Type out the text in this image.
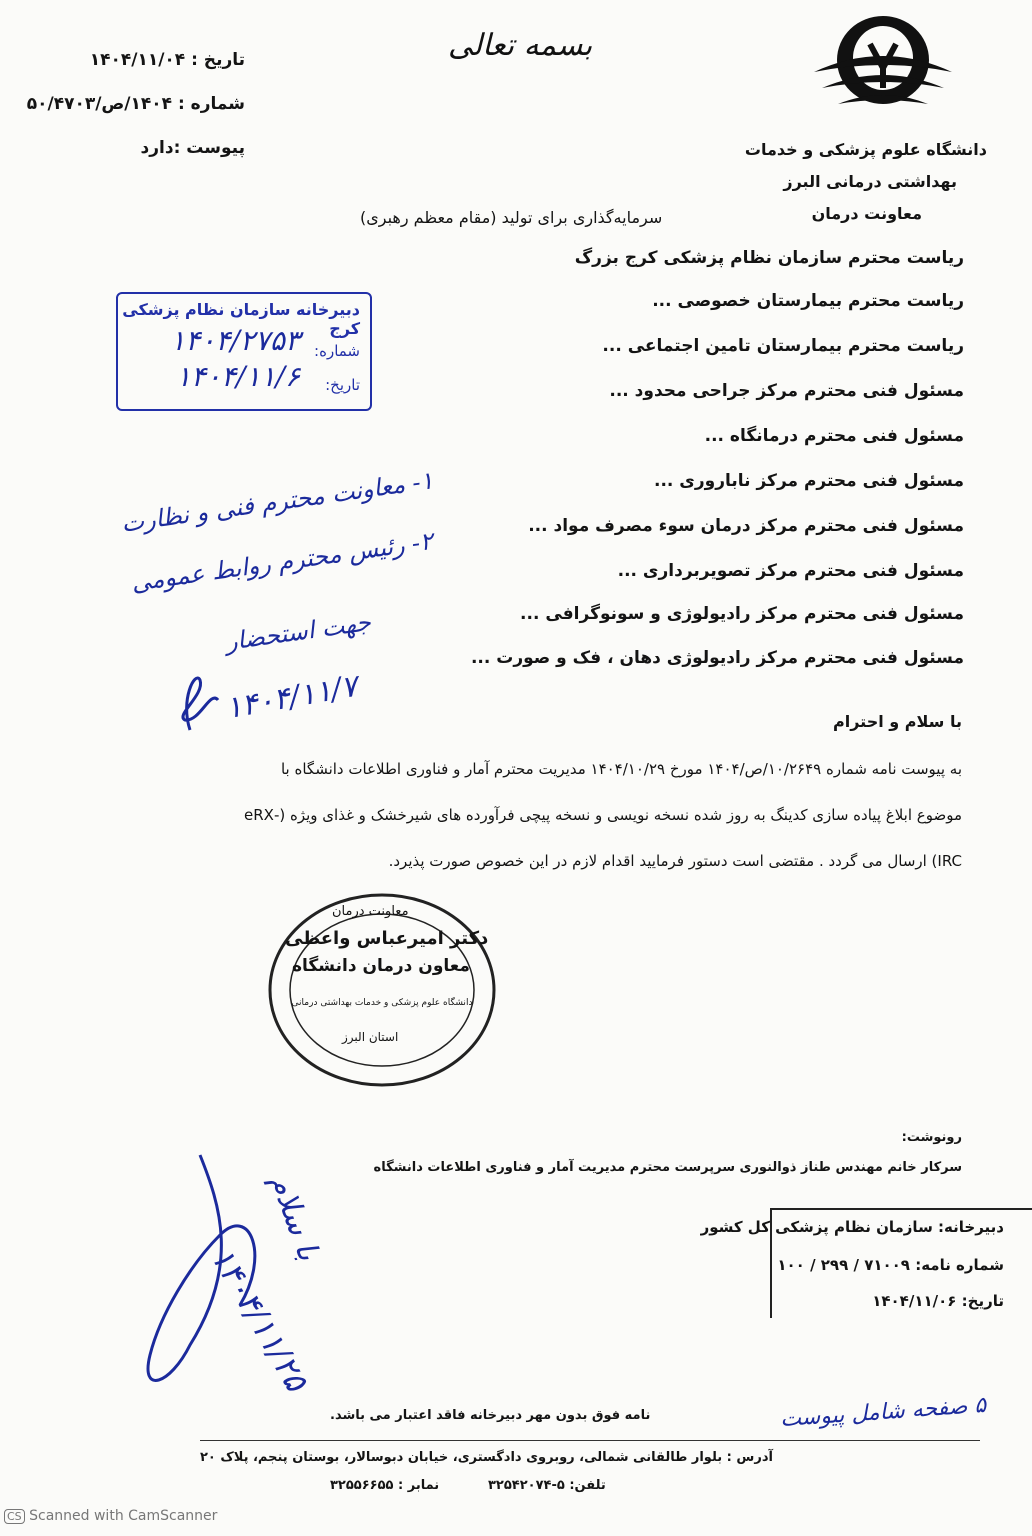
بسمه تعالی
تاریخ : ۱۴۰۴/۱۱/۰۴
شماره : ۱۴۰۴/ص/۵۰/۴۷۰۳
پیوست :دارد	دانشگاه علوم پزشکی و خدمات
بهداشتی درمانی البرز
معاونت درمان
سرمایه‌گذاری برای تولید (مقام معظم رهبری)
دبیرخانه سازمان نظام پزشکی کرج
شماره:
۱۴۰۴/۲۷۵۳
تاریخ:
۱۴۰۴/۱۱/۶
ریاست محترم سازمان نظام پزشکی کرج بزرگ
ریاست محترم بیمارستان خصوصی ...
ریاست محترم بیمارستان تامین اجتماعی ...
مسئول فنی محترم مرکز جراحی محدود ...
مسئول فنی محترم درمانگاه ...
مسئول فنی محترم مرکز ناباروری ...
مسئول فنی محترم مرکز درمان سوء مصرف مواد ...
مسئول فنی محترم مرکز تصویربرداری ...
مسئول فنی محترم مرکز رادیولوژی و سونوگرافی ...
مسئول فنی محترم مرکز رادیولوژی دهان ، فک و صورت ...
۱- معاونت محترم فنی و نظارت
۲- رئیس محترم روابط عمومی
جهت استحضار
۱۴۰۴/۱۱/۷	با سلام و احترام
به پیوست نامه شماره ۱۰/۲۶۴۹/ص/۱۴۰۴ مورخ ۱۴۰۴/۱۰/۲۹ مدیریت محترم آمار و فناوری اطلاعات دانشگاه با
موضوع ابلاغ پیاده سازی کدینگ به روز شده نسخه نویسی و نسخه پیچی فرآورده های شیرخشک و غذای ویژه (-eRX
IRC) ارسال می گردد . مقتضی است دستور فرمایید اقدام لازم در این خصوص صورت پذیرد.
معاونت درمان
دانشگاه علوم پزشکی و خدمات بهداشتی درمانی
استان البرز
دکتر امیرعباس واعظی
معاون درمان دانشگاه
رونوشت:
سرکار خانم مهندس طناز ذوالنوری سرپرست محترم مدیریت آمار و فناوری اطلاعات دانشگاه
دبیرخانه: سازمان نظام پزشکی کل کشور
شماره نامه: ۷۱۰۰۹ / ۲۹۹ / ۱۰۰
تاریخ: ۱۴۰۴/۱۱/۰۶
با سلام
۱۴۰۴/۱۱/۲۵
نامه فوق بدون مهر دبیرخانه فاقد اعتبار می باشد.	۵ صفحه شامل پیوست
آدرس : بلوار طالقانی شمالی، روبروی دادگستری، خیابان دبوسالار، بوستان پنجم، پلاک ۲۰
تلفن: ۵-۳۲۵۴۲۰۷۴
نمابر : ۳۲۵۵۶۶۵۵
CS Scanned with CamScanner
